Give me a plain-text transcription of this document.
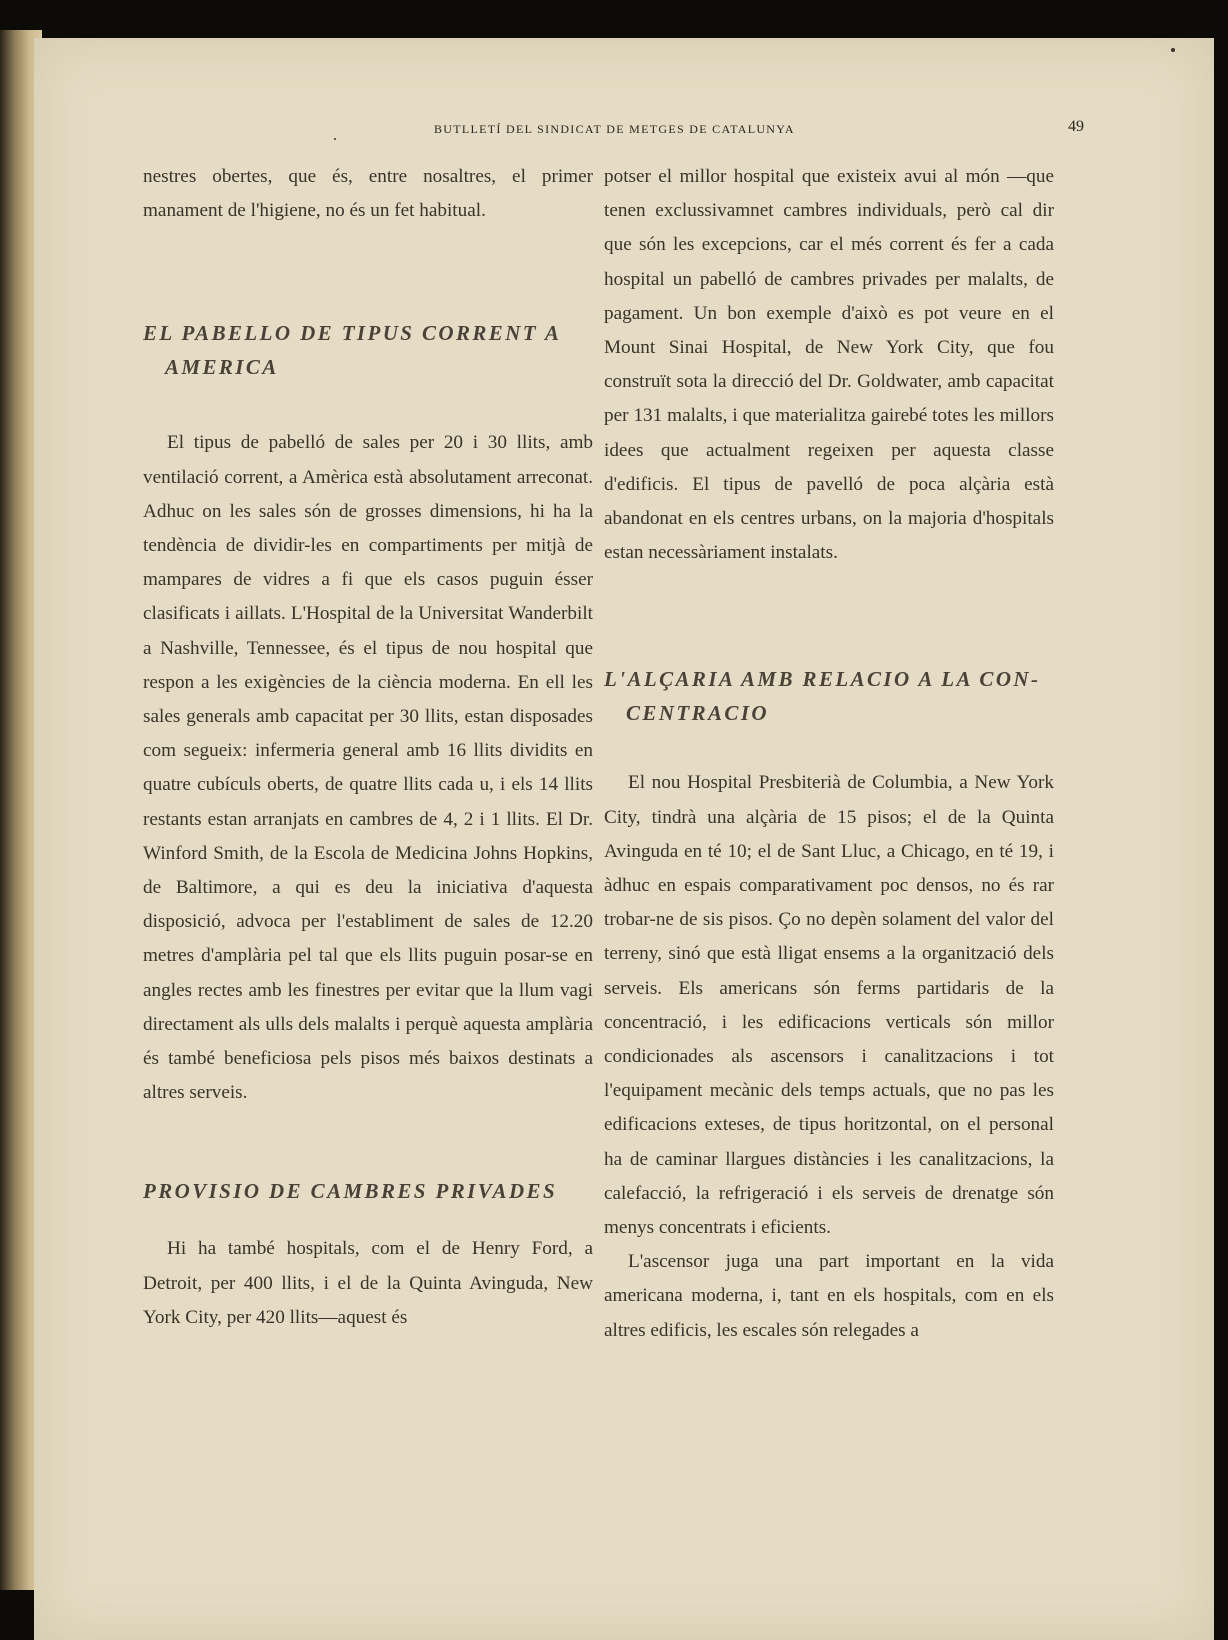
BUTLLETÍ DEL SINDICAT DE METGES DE CATALUNYA	49

nestres obertes, que és, entre nosaltres, el primer manament de l'higiene, no és un fet habitual.

EL PABELLO DE TIPUS CORRENT A
AMERICA

El tipus de pabelló de sales per 20 i 30 llits, amb ventilació corrent, a Amèrica està absolutament arreconat. Adhuc on les sales són de grosses dimensions, hi ha la tendència de dividir-les en compartiments per mitjà de mampares de vidres a fi que els casos puguin ésser clasificats i aillats. L'Hospital de la Universitat Wanderbilt a Nashville, Tennessee, és el tipus de nou hospital que respon a les exigències de la ciència moderna. En ell les sales generals amb capacitat per 30 llits, estan disposades com segueix: infermeria general amb 16 llits dividits en quatre cubículs oberts, de quatre llits cada u, i els 14 llits restants estan arranjats en cambres de 4, 2 i 1 llits. El Dr. Winford Smith, de la Escola de Medicina Johns Hopkins, de Baltimore, a qui es deu la iniciativa d'aquesta disposició, advoca per l'establiment de sales de 12.20 metres d'amplària pel tal que els llits puguin posar-se en angles rectes amb les finestres per evitar que la llum vagi directament als ulls dels malalts i perquè aquesta amplària és també beneficiosa pels pisos més baixos destinats a altres serveis.

PROVISIO DE CAMBRES PRIVADES

Hi ha també hospitals, com el de Henry Ford, a Detroit, per 400 llits, i el de la Quinta Avinguda, New York City, per 420 llits—aquest és

potser el millor hospital que existeix avui al món —que tenen exclussivamnet cambres individuals, però cal dir que són les excepcions, car el més corrent és fer a cada hospital un pabelló de cambres privades per malalts, de pagament. Un bon exemple d'això es pot veure en el Mount Sinai Hospital, de New York City, que fou construït sota la direcció del Dr. Goldwater, amb capacitat per 131 malalts, i que materialitza gairebé totes les millors idees que actualment regeixen per aquesta classe d'edificis. El tipus de pavelló de poca alçària està abandonat en els centres urbans, on la majoria d'hospitals estan necessàriament instalats.

L'ALÇARIA AMB RELACIO A LA CON-
CENTRACIO

El nou Hospital Presbiterià de Columbia, a New York City, tindrà una alçària de 15 pisos; el de la Quinta Avinguda en té 10; el de Sant Lluc, a Chicago, en té 19, i àdhuc en espais comparativament poc densos, no és rar trobar-ne de sis pisos. Ço no depèn solament del valor del terreny, sinó que està lligat ensems a la organització dels serveis. Els americans són ferms partidaris de la concentració, i les edificacions verticals són millor condicionades als ascensors i canalitzacions i tot l'equipament mecànic dels temps actuals, que no pas les edificacions exteses, de tipus horitzontal, on el personal ha de caminar llargues distàncies i les canalitzacions, la calefacció, la refrigeració i els serveis de drenatge són menys concentrats i eficients.

L'ascensor juga una part important en la vida americana moderna, i, tant en els hospitals, com en els altres edificis, les escales són relegades a
